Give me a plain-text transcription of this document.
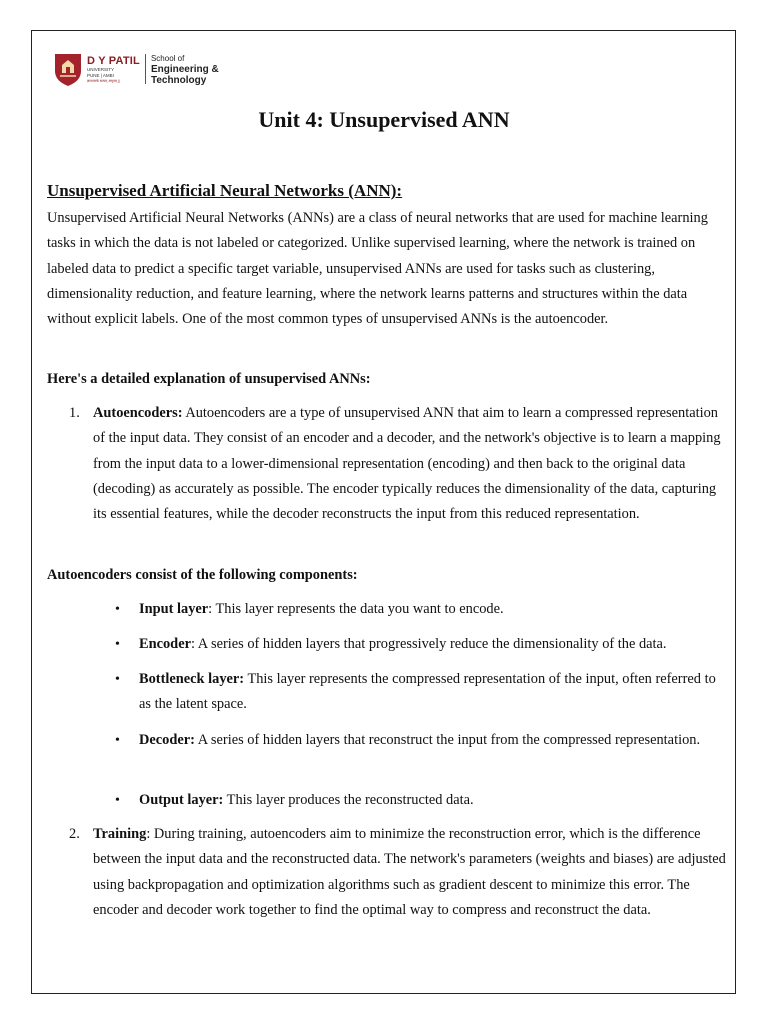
D Y PATIL
UNIVERSITY
PUNE | AMBI
ज्ञानात्मके सत्यम् अमृतम् ||
School of
Engineering &
Technology
Unit 4: Unsupervised ANN
Unsupervised Artificial Neural Networks (ANN):

Unsupervised Artificial Neural Networks (ANNs) are a class of neural networks that are used for machine learning tasks in which the data is not labeled or categorized. Unlike supervised learning, where the network is trained on labeled data to predict a specific target variable, unsupervised ANNs are used for tasks such as clustering, dimensionality reduction, and feature learning, where the network learns patterns and structures within the data without explicit labels. One of the most common types of unsupervised ANNs is the autoencoder.

Here's a detailed explanation of unsupervised ANNs:
1. Autoencoders: Autoencoders are a type of unsupervised ANN that aim to learn a compressed representation of the input data. They consist of an encoder and a decoder, and the network's objective is to learn a mapping from the input data to a lower-dimensional representation (encoding) and then back to the original data (decoding) as accurately as possible. The encoder typically reduces the dimensionality of the data, capturing its essential features, while the decoder reconstructs the input from this reduced representation.

Autoencoders consist of the following components:
• Input layer: This layer represents the data you want to encode.

• Encoder: A series of hidden layers that progressively reduce the dimensionality of the data.

• Bottleneck layer: This layer represents the compressed representation of the input, often referred to as the latent space.

• Decoder: A series of hidden layers that reconstruct the input from the compressed representation.

• Output layer: This layer produces the reconstructed data.

2. Training: During training, autoencoders aim to minimize the reconstruction error, which is the difference between the input data and the reconstructed data. The network's parameters (weights and biases) are adjusted using backpropagation and optimization algorithms such as gradient descent to minimize this error. The encoder and decoder work together to find the optimal way to compress and reconstruct the data.
